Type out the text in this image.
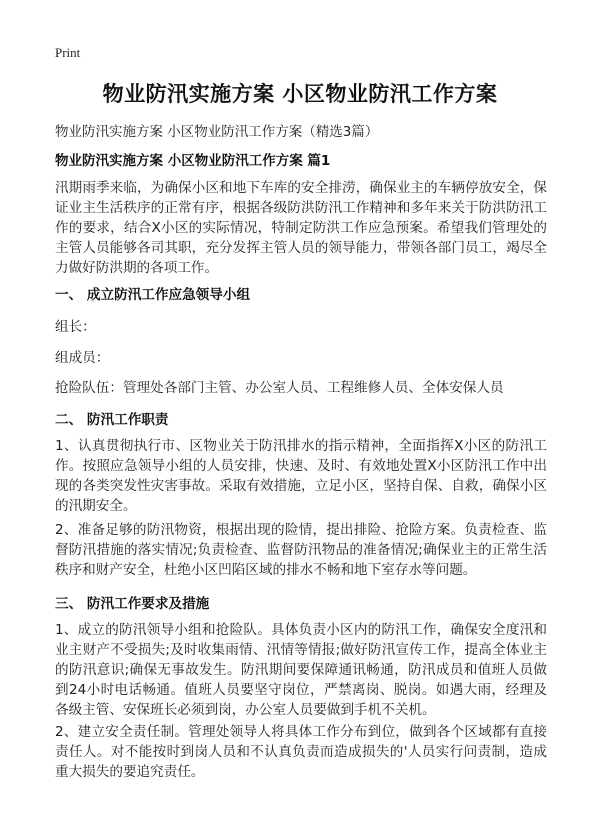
Print
物业防汛实施方案 小区物业防汛工作方案
物业防汛实施方案 小区物业防汛工作方案（精选3篇）
物业防汛实施方案 小区物业防汛工作方案 篇1
汛期雨季来临，为确保小区和地下车库的安全排涝，确保业主的车辆停放安全，保证业主生活秩序的正常有序，根据各级防洪防汛工作精神和多年来关于防洪防汛工作的要求，结合X小区的实际情况，特制定防洪工作应急预案。希望我们管理处的主管人员能够各司其职，充分发挥主管人员的领导能力，带领各部门员工，竭尽全力做好防洪期的各项工作。
一、 成立防汛工作应急领导小组
组长：
组成员：
抢险队伍：管理处各部门主管、办公室人员、工程维修人员、全体安保人员
二、 防汛工作职责
1、认真贯彻执行市、区物业关于防汛排水的指示精神，全面指挥X小区的防汛工作。按照应急领导小组的人员安排，快速、及时、有效地处置X小区防汛工作中出现的各类突发性灾害事故。采取有效措施，立足小区，坚持自保、自救，确保小区的汛期安全。
2、准备足够的防汛物资，根据出现的险情，提出排险、抢险方案。负责检查、监督防汛措施的落实情况;负责检查、监督防汛物品的准备情况;确保业主的正常生活秩序和财产安全，杜绝小区凹陷区域的排水不畅和地下室存水等问题。
三、 防汛工作要求及措施
1、成立的防汛领导小组和抢险队。具体负责小区内的防汛工作，确保安全度汛和业主财产不受损失;及时收集雨情、汛情等情报;做好防汛宣传工作，提高全体业主的防汛意识;确保无事故发生。防汛期间要保障通讯畅通，防汛成员和值班人员做到24小时电话畅通。值班人员要坚守岗位，严禁离岗、脱岗。如遇大雨，经理及各级主管、安保班长必须到岗，办公室人员要做到手机不关机。
2、建立安全责任制。管理处领导人将具体工作分布到位，做到各个区域都有直接责任人。对不能按时到岗人员和不认真负责而造成损失的'人员实行问责制，造成重大损失的要追究责任。
